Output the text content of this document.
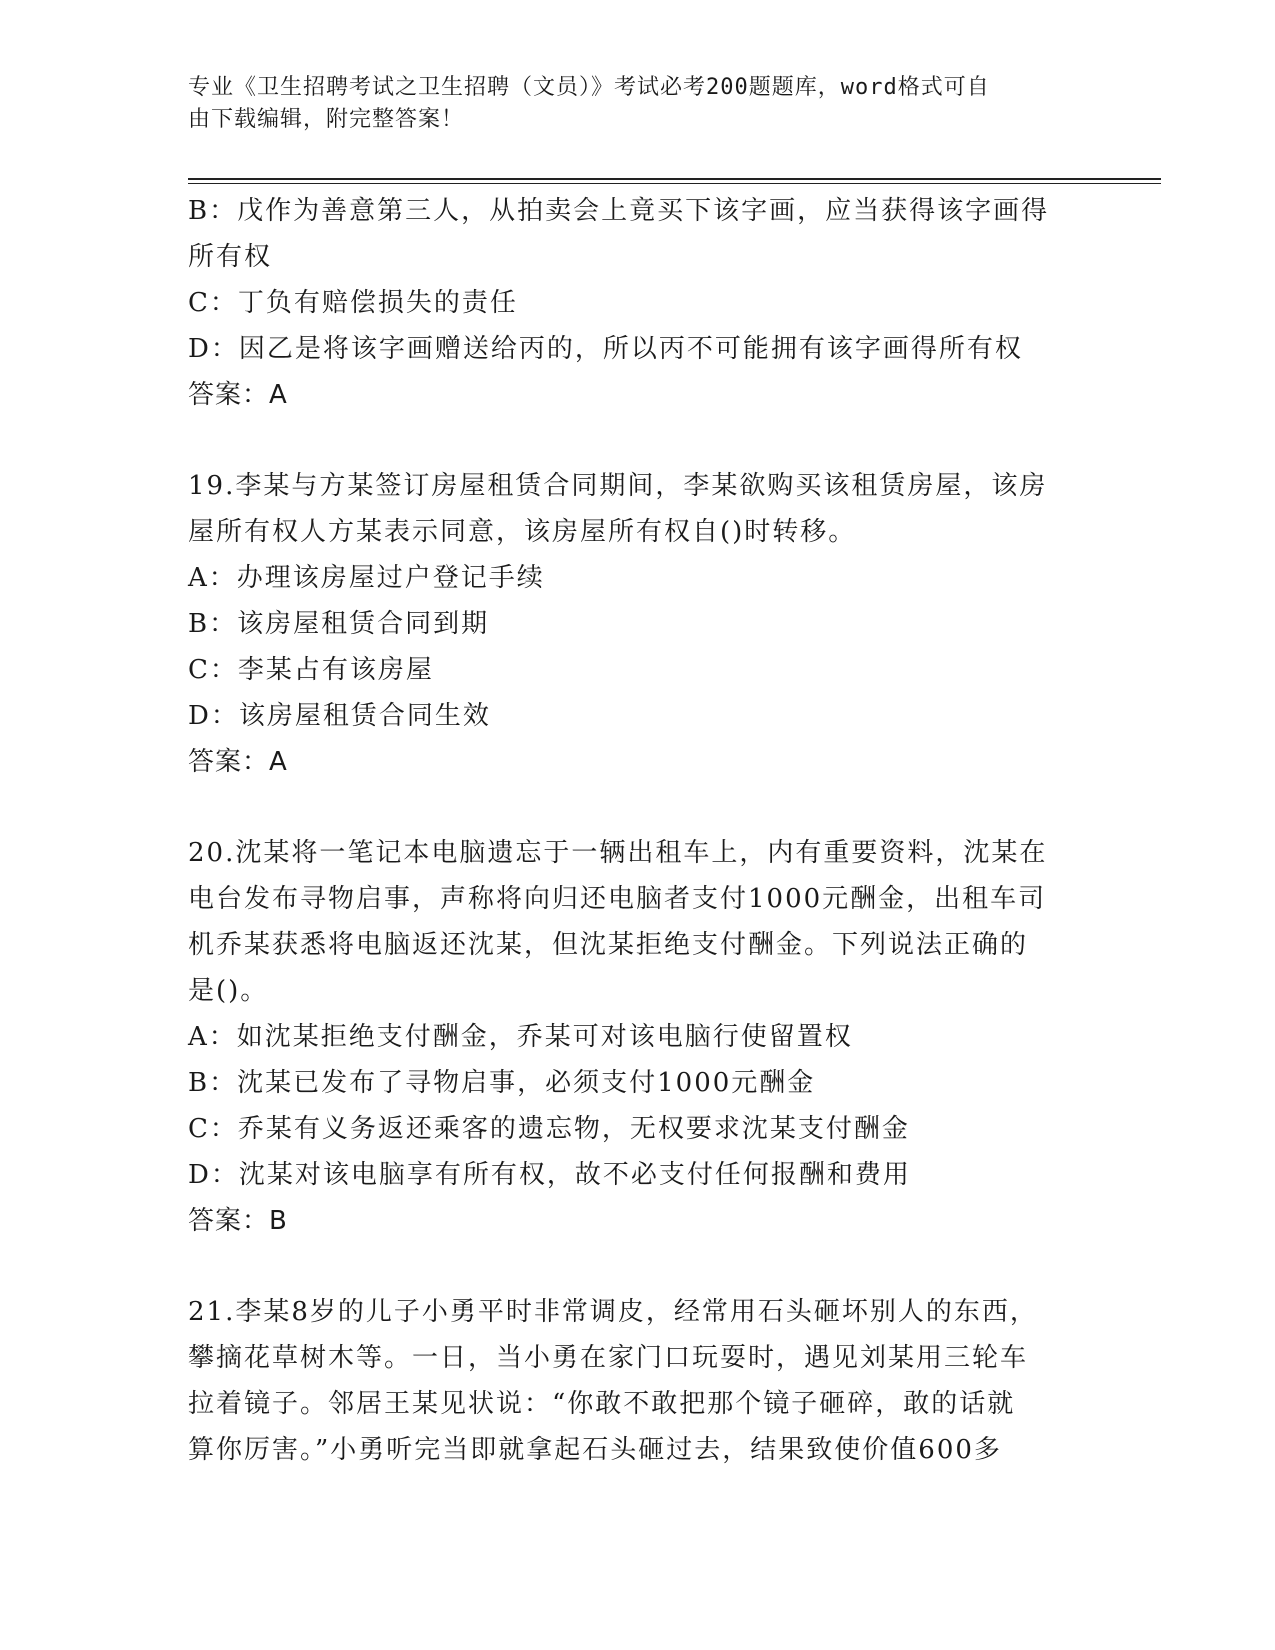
专业《卫生招聘考试之卫生招聘（文员）》考试必考200题题库，word格式可自
由下载编辑，附完整答案！
B：戊作为善意第三人，从拍卖会上竟买下该字画，应当获得该字画得
所有权
C：丁负有赔偿损失的责任
D：因乙是将该字画赠送给丙的，所以丙不可能拥有该字画得所有权
答案：A
19.李某与方某签订房屋租赁合同期间，李某欲购买该租赁房屋，该房
屋所有权人方某表示同意，该房屋所有权自()时转移。
A：办理该房屋过户登记手续
B：该房屋租赁合同到期
C：李某占有该房屋
D：该房屋租赁合同生效
答案：A
20.沈某将一笔记本电脑遗忘于一辆出租车上，内有重要资料，沈某在
电台发布寻物启事，声称将向归还电脑者支付1000元酬金，出租车司
机乔某获悉将电脑返还沈某，但沈某拒绝支付酬金。下列说法正确的
是()。
A：如沈某拒绝支付酬金，乔某可对该电脑行使留置权
B：沈某已发布了寻物启事，必须支付1000元酬金
C：乔某有义务返还乘客的遗忘物，无权要求沈某支付酬金
D：沈某对该电脑享有所有权，故不必支付任何报酬和费用
答案：B
21.李某8岁的儿子小勇平时非常调皮，经常用石头砸坏别人的东西，
攀摘花草树木等。一日，当小勇在家门口玩耍时，遇见刘某用三轮车
拉着镜子。邻居王某见状说：“你敢不敢把那个镜子砸碎，敢的话就
算你厉害。”小勇听完当即就拿起石头砸过去，结果致使价值600多
